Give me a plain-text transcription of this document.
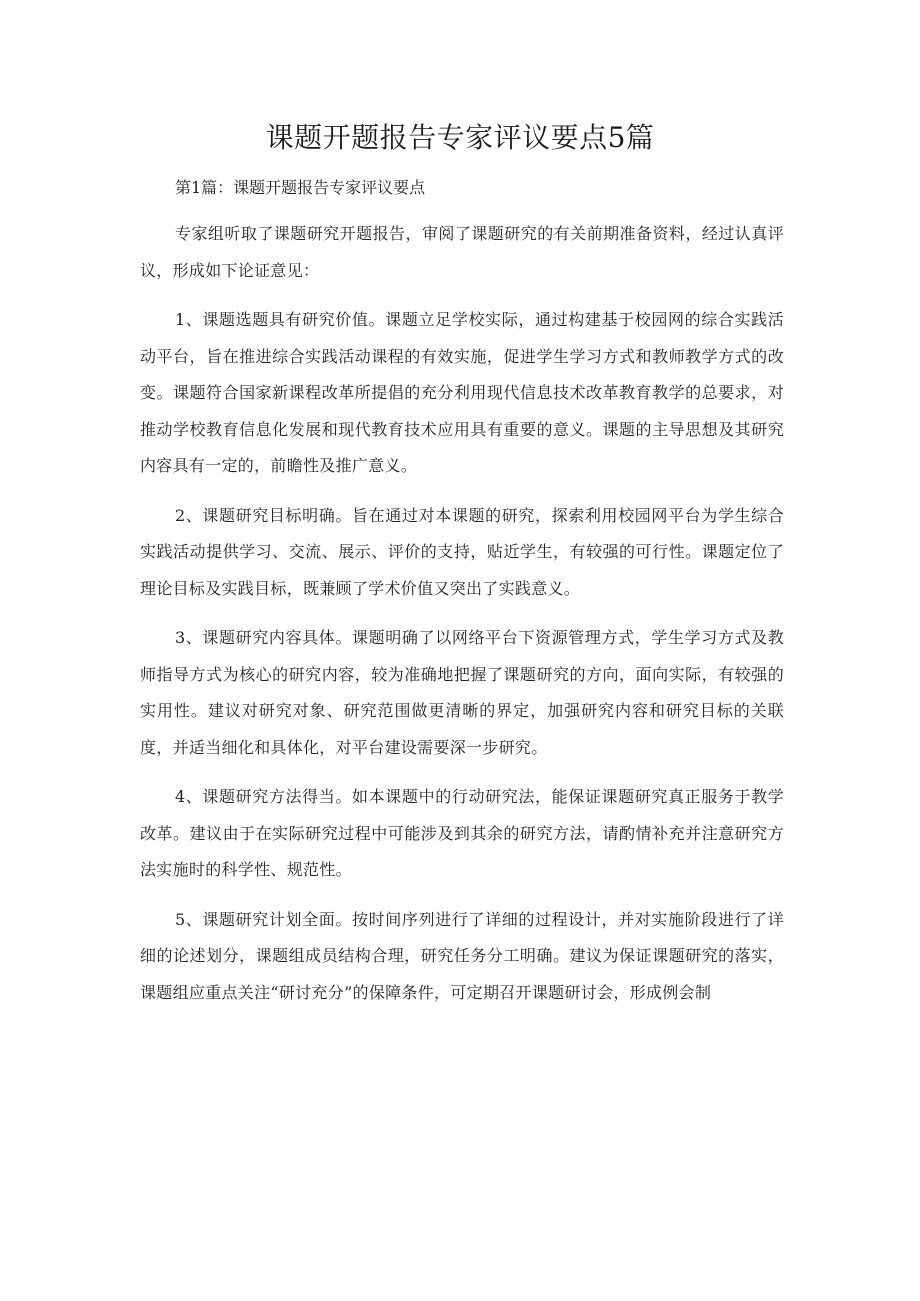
课题开题报告专家评议要点5篇

第1篇：课题开题报告专家评议要点

专家组听取了课题研究开题报告，审阅了课题研究的有关前期准备资料，经过认真评议，形成如下论证意见：

1、课题选题具有研究价值。课题立足学校实际，通过构建基于校园网的综合实践活动平台，旨在推进综合实践活动课程的有效实施，促进学生学习方式和教师教学方式的改变。课题符合国家新课程改革所提倡的充分利用现代信息技术改革教育教学的总要求，对推动学校教育信息化发展和现代教育技术应用具有重要的意义。课题的主导思想及其研究内容具有一定的，前瞻性及推广意义。

2、课题研究目标明确。旨在通过对本课题的研究，探索利用校园网平台为学生综合实践活动提供学习、交流、展示、评价的支持，贴近学生，有较强的可行性。课题定位了理论目标及实践目标，既兼顾了学术价值又突出了实践意义。

3、课题研究内容具体。课题明确了以网络平台下资源管理方式，学生学习方式及教师指导方式为核心的研究内容，较为准确地把握了课题研究的方向，面向实际，有较强的实用性。建议对研究对象、研究范围做更清晰的界定，加强研究内容和研究目标的关联度，并适当细化和具体化，对平台建设需要深一步研究。

4、课题研究方法得当。如本课题中的行动研究法，能保证课题研究真正服务于教学改革。建议由于在实际研究过程中可能涉及到其余的研究方法，请酌情补充并注意研究方法实施时的科学性、规范性。

5、课题研究计划全面。按时间序列进行了详细的过程设计，并对实施阶段进行了详细的论述划分，课题组成员结构合理，研究任务分工明确。建议为保证课题研究的落实，课题组应重点关注“研讨充分”的保障条件，可定期召开课题研讨会，形成例会制
